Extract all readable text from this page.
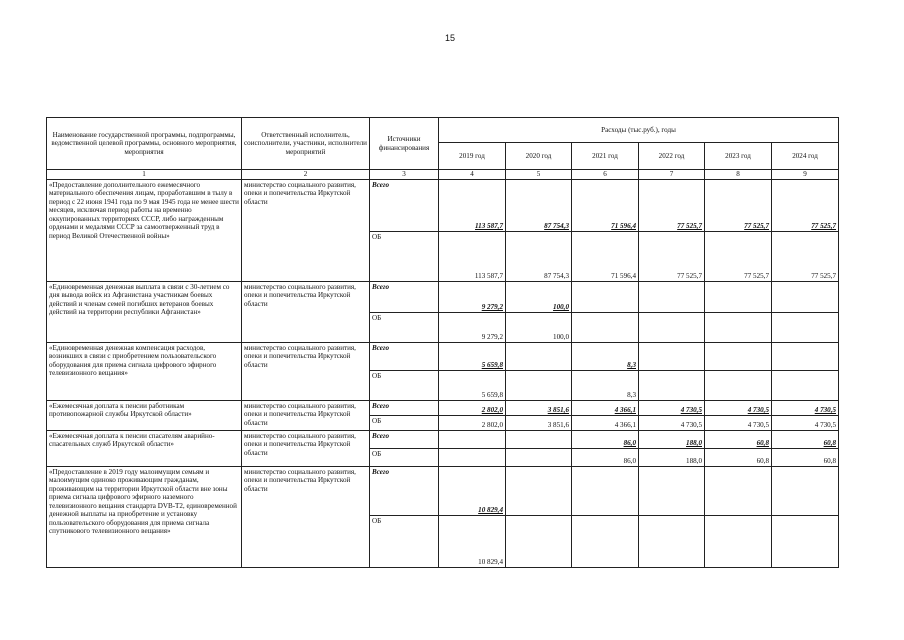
15
Наименование государственной программы, подпрограммы, ведомственной целевой программы, основного мероприятия, мероприятия	Ответственный исполнитель, соисполнители, участники, исполнители мероприятий	Источники финансирования	Расходы (тыс.руб.), годы					
			2019 год	2020 год	2021 год	2022 год	2023 год	2024 год
1	2	3	4	5	6	7	8	9
«Предоставление дополнительного ежемесячного материального обеспечения лицам, проработавшим в тылу в период с 22 июня 1941 года по 9 мая 1945 года не менее шести месяцев, исключая период работы на временно оккупированных территориях СССР, либо награжденным орденами и медалями СССР за самоотверженный труд в период Великой Отечественной войны»	министерство социального развития, опеки и попечительства Иркутской области	Всего	113 587,7	87 754,3	71 596,4	77 525,7	77 525,7	77 525,7
		ОБ	113 587,7	87 754,3	71 596,4	77 525,7	77 525,7	77 525,7
«Единовременная денежная выплата в связи с 30-летием со дня вывода войск из Афганистана участникам боевых действий и членам семей погибших ветеранов боевых действий на территории республики Афганистан»	министерство социального развития, опеки и попечительства Иркутской области	Всего	9 279,2	100,0				
		ОБ	9 279,2	100,0				
«Единовременная денежная компенсация расходов, возникших в связи с приобретением пользовательского оборудования для приема сигнала цифрового эфирного телевизионного вещания»	министерство социального развития, опеки и попечительства Иркутской области	Всего	5 659,8		8,3			
		ОБ	5 659,8		8,3			
«Ежемесячная доплата к пенсии работникам противопожарной службы Иркутской области»	министерство социального развития, опеки и попечительства Иркутской области	Всего	2 802,0	3 851,6	4 366,1	4 730,5	4 730,5	4 730,5
		ОБ	2 802,0	3 851,6	4 366,1	4 730,5	4 730,5	4 730,5
«Ежемесячная доплата к пенсии спасателям аварийно-спасательных служб Иркутской области»	министерство социального развития, опеки и попечительства Иркутской области	Всего			86,0	188,0	60,8	60,8
		ОБ			86,0	188,0	60,8	60,8
«Предоставление в 2019 году малоимущим семьям и малоимущим одиноко проживающим гражданам, проживающим на территории Иркутской области вне зоны приема сигнала цифрового эфирного наземного телевизионного вещания стандарта DVB-T2, единовременной денежной выплаты на приобретение и установку пользовательского оборудования для приема сигнала спутникового телевизионного вещания»	министерство социального развития, опеки и попечительства Иркутской области	Всего	10 829,4					
		ОБ	10 829,4					
